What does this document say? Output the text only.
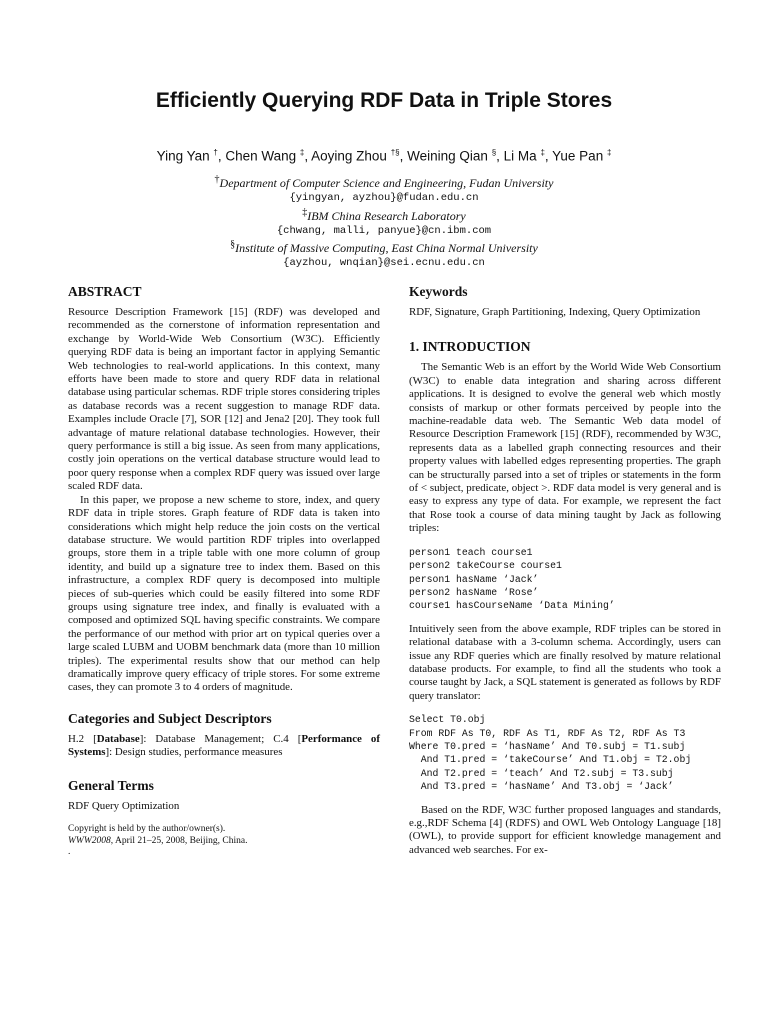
Efficiently Querying RDF Data in Triple Stores
Ying Yan †, Chen Wang ‡, Aoying Zhou †§, Weining Qian §, Li Ma ‡, Yue Pan ‡
†Department of Computer Science and Engineering, Fudan University
{yingyan, ayzhou}@fudan.edu.cn
‡IBM China Research Laboratory
{chwang, malli, panyue}@cn.ibm.com
§Institute of Massive Computing, East China Normal University
{ayzhou, wnqian}@sei.ecnu.edu.cn
ABSTRACT

Resource Description Framework [15] (RDF) was developed and recommended as the cornerstone of information representation and exchange by World-Wide Web Consortium (W3C). Efficiently querying RDF data is being an important factor in applying Semantic Web technologies to real-world applications. In this context, many efforts have been made to store and query RDF data in relational database using particular schemas. RDF triple stores considering triples as database records was a recent suggestion to manage RDF data. Examples include Oracle [7], SOR [12] and Jena2 [20]. They took full advantage of mature relational database technologies. However, their query performance is still a big issue. As seen from many applications, costly join operations on the vertical database structure would lead to poor query response when a complex RDF query was issued over large scaled RDF data.

In this paper, we propose a new scheme to store, index, and query RDF data in triple stores. Graph feature of RDF data is taken into considerations which might help reduce the join costs on the vertical database structure. We would partition RDF triples into overlapped groups, store them in a triple table with one more column of group identity, and build up a signature tree to index them. Based on this infrastructure, a complex RDF query is decomposed into multiple pieces of sub-queries which could be easily filtered into some RDF groups using signature tree index, and finally is evaluated with a composed and optimized SQL having specific constraints. We compare the performance of our method with prior art on typical queries over a large scaled LUBM and UOBM benchmark data (more than 10 million triples). The experimental results show that our method can help dramatically improve query efficacy of triple stores. For some extreme cases, they can promote 3 to 4 orders of magnitude.

Categories and Subject Descriptors

H.2 [Database]: Database Management; C.4 [Performance of Systems]: Design studies, performance measures

General Terms

RDF Query Optimization

Copyright is held by the author/owner(s).
WWW2008, April 21–25, 2008, Beijing, China.
.
Keywords

RDF, Signature, Graph Partitioning, Indexing, Query Optimization

1. INTRODUCTION

The Semantic Web is an effort by the World Wide Web Consortium (W3C) to enable data integration and sharing across different applications. It is designed to evolve the general web which mostly consists of markup or other formats perceived by people into the machine-readable data web. The Semantic Web data model of Resource Description Framework [15] (RDF), recommended by W3C, represents data as a labelled graph connecting resources and their property values with labelled edges representing properties. The graph can be structurally parsed into a set of triples or statements in the form of < subject, predicate, object >. RDF data model is very general and is easy to express any type of data. For example, we represent the fact that Rose took a course of data mining taught by Jack as following triples:

person1 teach course1
person2 takeCourse course1
person1 hasName ‘Jack’
person2 hasName ‘Rose’
course1 hasCourseName ‘Data Mining’

Intuitively seen from the above example, RDF triples can be stored in relational database with a 3-column schema. Accordingly, users can issue any RDF queries which are finally resolved by mature relational database products. For example, to find all the students who took a course taught by Jack, a SQL statement is generated as follows by RDF query translator:

Select T0.obj
From RDF As T0, RDF As T1, RDF As T2, RDF As T3
Where T0.pred = ‘hasName’ And T0.subj = T1.subj
And T1.pred = ‘takeCourse’ And T1.obj = T2.obj
And T2.pred = ‘teach’ And T2.subj = T3.subj
And T3.pred = ‘hasName’ And T3.obj = ‘Jack’

Based on the RDF, W3C further proposed languages and standards, e.g.,RDF Schema [4] (RDFS) and OWL Web Ontology Language [18] (OWL), to provide support for efficient knowledge management and advanced web searches. For ex-
